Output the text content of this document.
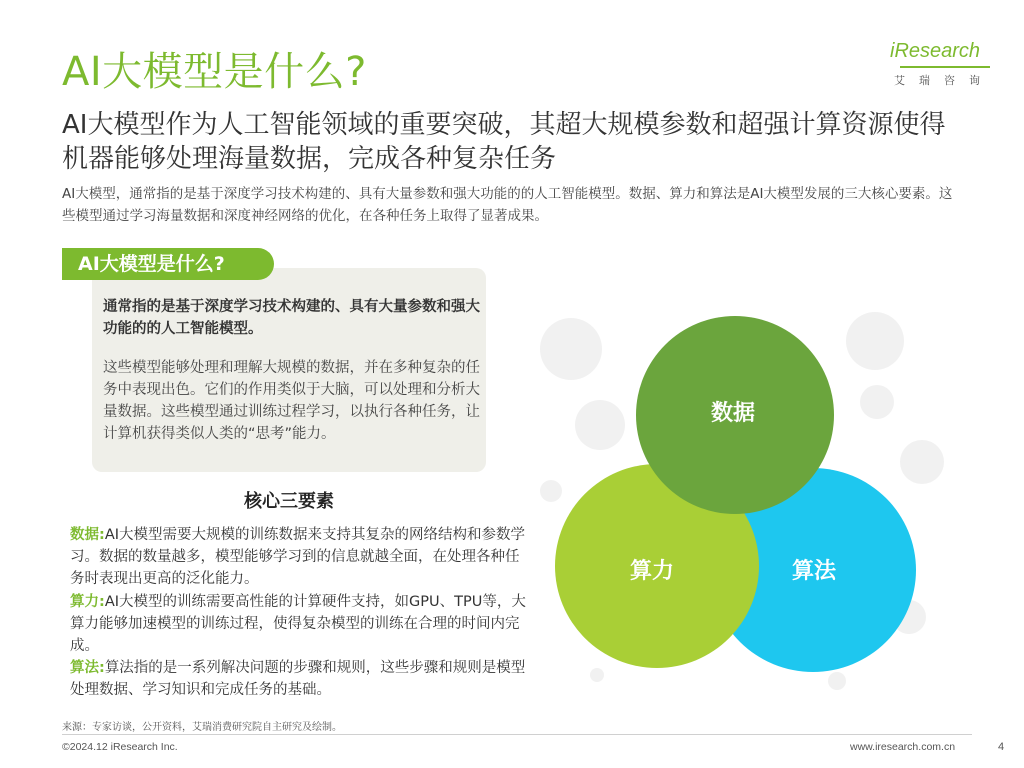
AI大模型是什么?
AI大模型作为人工智能领域的重要突破，其超大规模参数和超强计算资源使得机器能够处理海量数据，完成各种复杂任务
AI大模型，通常指的是基于深度学习技术构建的、具有大量参数和强大功能的的人工智能模型。数据、算力和算法是AI大模型发展的三大核心要素。这些模型通过学习海量数据和深度神经网络的优化，在各种任务上取得了显著成果。
iResearch
艾瑞咨询
AI大模型是什么?
通常指的是基于深度学习技术构建的、具有大量参数和强大功能的的人工智能模型。
这些模型能够处理和理解大规模的数据，并在多种复杂的任务中表现出色。它们的作用类似于大脑，可以处理和分析大量数据。这些模型通过训练过程学习，以执行各种任务，让计算机获得类似人类的“思考”能力。
核心三要素
数据:AI大模型需要大规模的训练数据来支持其复杂的网络结构和参数学习。数据的数量越多，模型能够学习到的信息就越全面，在处理各种任务时表现出更高的泛化能力。
算力:AI大模型的训练需要高性能的计算硬件支持，如GPU、TPU等，大算力能够加速模型的训练过程，使得复杂模型的训练在合理的时间内完成。
算法:算法指的是一系列解决问题的步骤和规则，这些步骤和规则是模型处理数据、学习知识和完成任务的基础。
数据
算力	算法
来源：专家访谈，公开资料，艾瑞消费研究院自主研究及绘制。
©2024.12 iResearch Inc.	www.iresearch.com.cn	4
